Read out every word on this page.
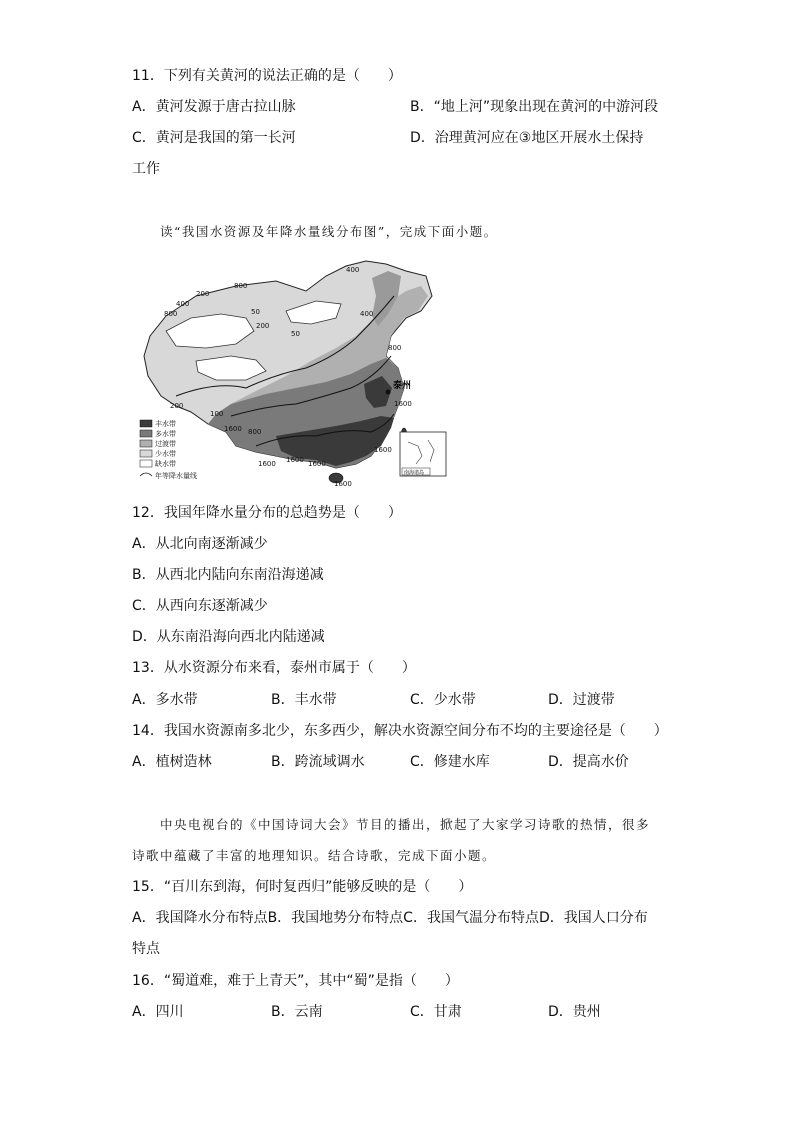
11．下列有关黄河的说法正确的是（　　）
A．黄河发源于唐古拉山脉	B．“地上河”现象出现在黄河的中游河段
C．黄河是我国的第一长河	D．治理黄河应在③地区开展水土保持
工作
读“我国水资源及年降水量线分布图”，完成下面小题。
南海诸岛
泰州
400
800
200
400
800	50
50
200
200	1600
400
800
100
1600 800
1600
1600 1600 1600
1600
丰水带
多水带
过渡带
少水带
缺水带
年等降水量线
12．我国年降水量分布的总趋势是（　　）
A．从北向南逐渐减少
B．从西北内陆向东南沿海递减
C．从西向东逐渐减少
D．从东南沿海向西北内陆递减
13．从水资源分布来看，泰州市属于（　　）
A．多水带	B．丰水带	C．少水带	D．过渡带
14．我国水资源南多北少，东多西少，解决水资源空间分布不均的主要途径是（　　）
A．植树造林	B．跨流域调水	C．修建水库	D．提高水价
中央电视台的《中国诗词大会》节目的播出，掀起了大家学习诗歌的热情，很多
诗歌中蕴藏了丰富的地理知识。结合诗歌，完成下面小题。
15．“百川东到海，何时复西归”能够反映的是（　　）
A．我国降水分布特点B．我国地势分布特点C．我国气温分布特点D．我国人口分布
特点
16．“蜀道难，难于上青天”，其中“蜀”是指（　　）
A．四川	B．云南	C．甘肃	D．贵州
